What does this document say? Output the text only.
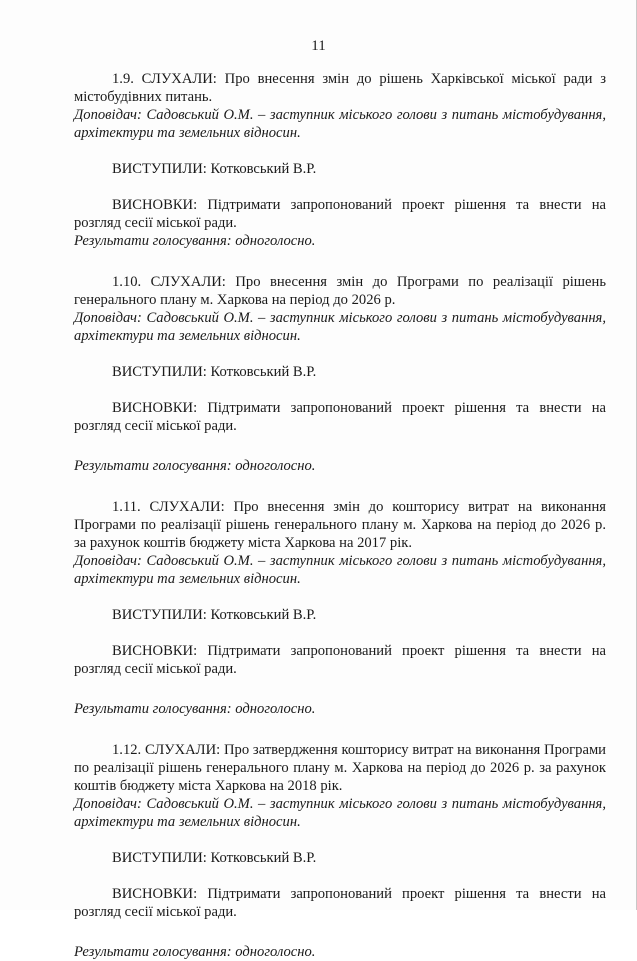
11

1.9. СЛУХАЛИ: Про внесення змін до рішень Харківської міської ради з містобудівних питань.

Доповідач: Садовський О.М. – заступник міського голови з питань містобудування, архітектури та земельних відносин.

ВИСТУПИЛИ: Котковський В.Р.

ВИСНОВКИ: Підтримати запропонований проект рішення та внести на розгляд сесії міської ради.

Результати голосування: одноголосно.

1.10. СЛУХАЛИ: Про внесення змін до Програми по реалізації рішень генерального плану м. Харкова на період до 2026 р.

Доповідач: Садовський О.М. – заступник міського голови з питань містобудування, архітектури та земельних відносин.

ВИСТУПИЛИ: Котковський В.Р.

ВИСНОВКИ: Підтримати запропонований проект рішення та внести на розгляд сесії міської ради.

Результати голосування: одноголосно.

1.11. СЛУХАЛИ: Про внесення змін до кошторису витрат на виконання Програми по реалізації рішень генерального плану м. Харкова на період до 2026 р. за рахунок коштів бюджету міста Харкова на 2017 рік.

Доповідач: Садовський О.М. – заступник міського голови з питань містобудування, архітектури та земельних відносин.

ВИСТУПИЛИ: Котковський В.Р.

ВИСНОВКИ: Підтримати запропонований проект рішення та внести на розгляд сесії міської ради.

Результати голосування: одноголосно.

1.12. СЛУХАЛИ: Про затвердження кошторису витрат на виконання Програми по реалізації рішень генерального плану м. Харкова на період до 2026 р. за рахунок коштів бюджету міста Харкова на 2018 рік.

Доповідач: Садовський О.М. – заступник міського голови з питань містобудування, архітектури та земельних відносин.

ВИСТУПИЛИ: Котковський В.Р.

ВИСНОВКИ: Підтримати запропонований проект рішення та внести на розгляд сесії міської ради.

Результати голосування: одноголосно.
